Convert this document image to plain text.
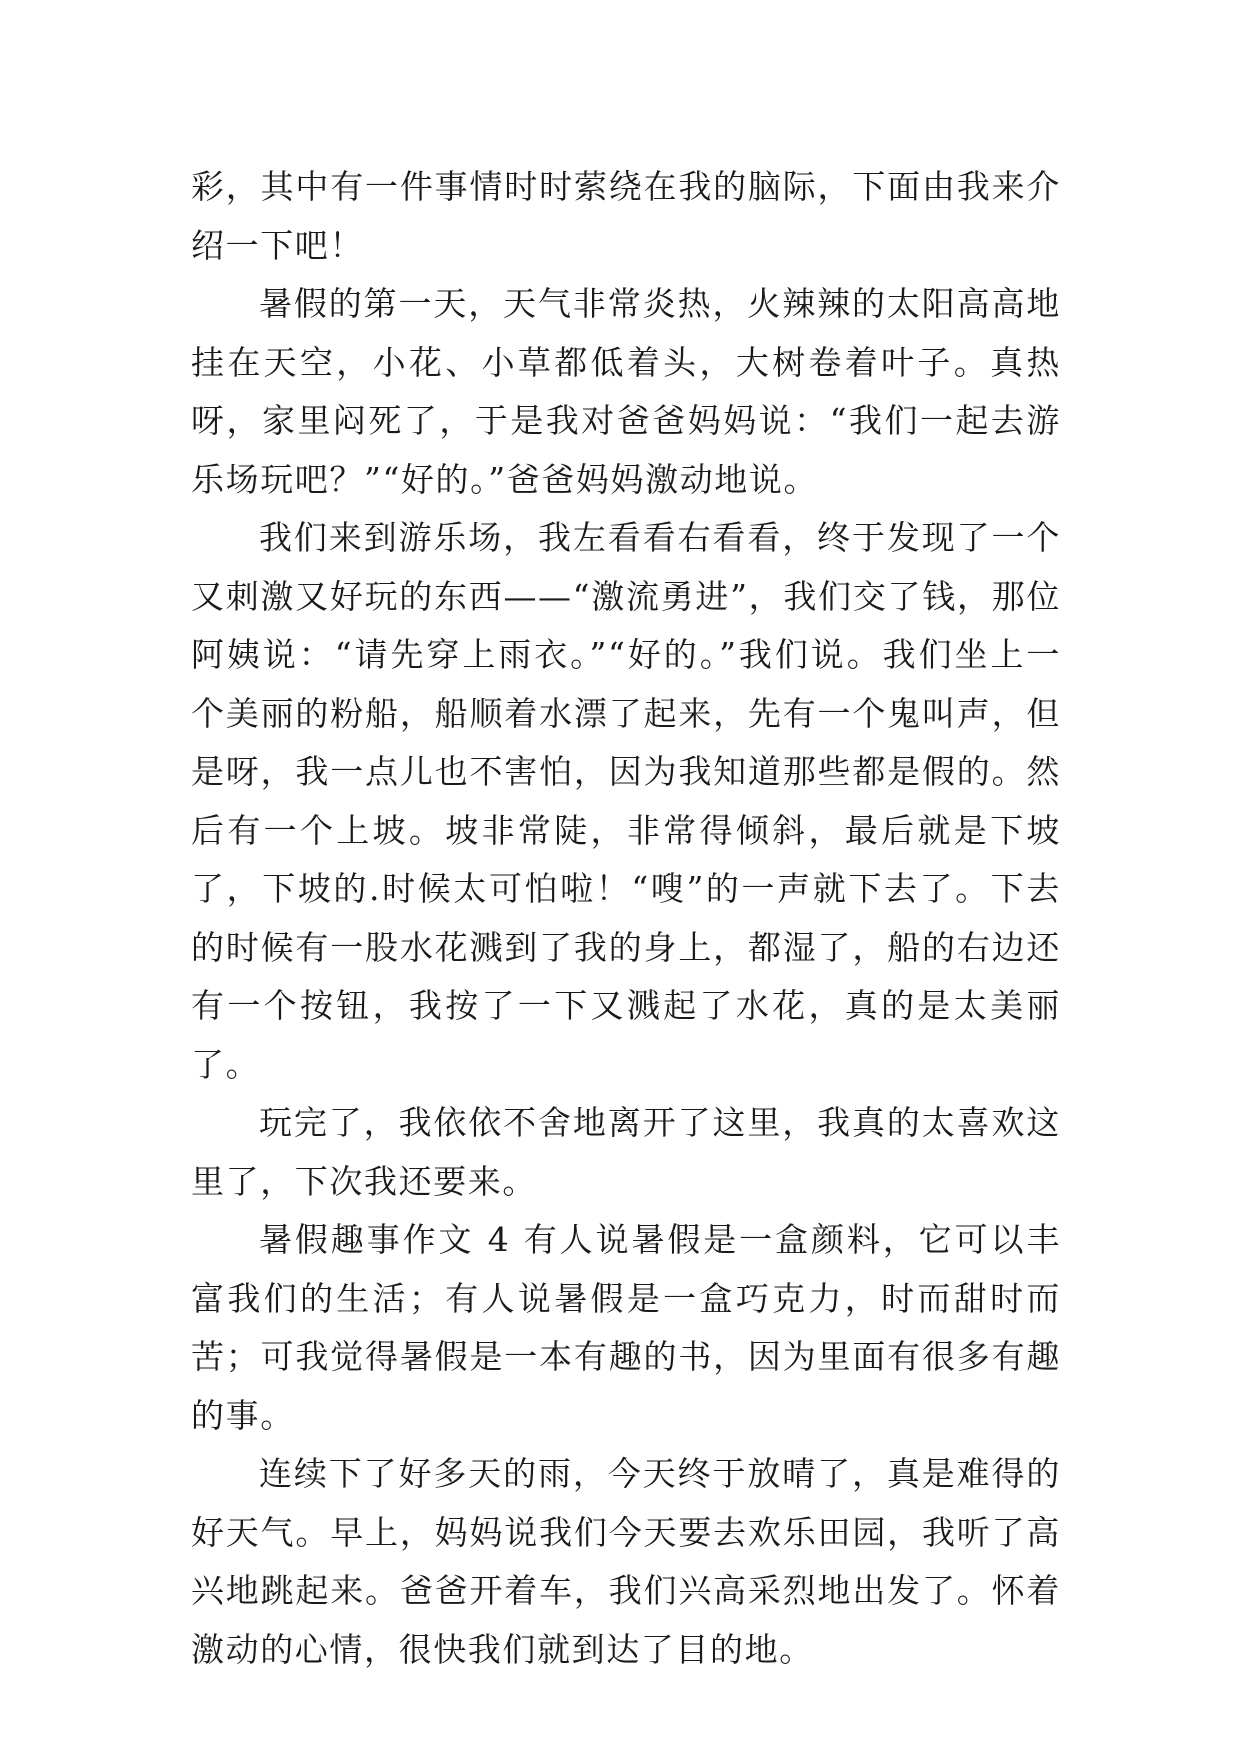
彩，其中有一件事情时时萦绕在我的脑际，下面由我来介绍一下吧！

暑假的第一天，天气非常炎热，火辣辣的太阳高高地挂在天空，小花、小草都低着头，大树卷着叶子。真热呀，家里闷死了，于是我对爸爸妈妈说：“我们一起去游乐场玩吧？”“好的。”爸爸妈妈激动地说。

我们来到游乐场，我左看看右看看，终于发现了一个又刺激又好玩的东西——“激流勇进”，我们交了钱，那位阿姨说：“请先穿上雨衣。”“好的。”我们说。我们坐上一个美丽的粉船，船顺着水漂了起来，先有一个鬼叫声，但是呀，我一点儿也不害怕，因为我知道那些都是假的。然后有一个上坡。坡非常陡，非常得倾斜，最后就是下坡了，下坡的.时候太可怕啦！“嗖”的一声就下去了。下去的时候有一股水花溅到了我的身上，都湿了，船的右边还有一个按钮，我按了一下又溅起了水花，真的是太美丽了。

玩完了，我依依不舍地离开了这里，我真的太喜欢这里了，下次我还要来。

暑假趣事作文 4 有人说暑假是一盒颜料，它可以丰富我们的生活；有人说暑假是一盒巧克力，时而甜时而苦；可我觉得暑假是一本有趣的书，因为里面有很多有趣的事。

连续下了好多天的雨，今天终于放晴了，真是难得的好天气。早上，妈妈说我们今天要去欢乐田园，我听了高兴地跳起来。爸爸开着车，我们兴高采烈地出发了。怀着激动的心情，很快我们就到达了目的地。
